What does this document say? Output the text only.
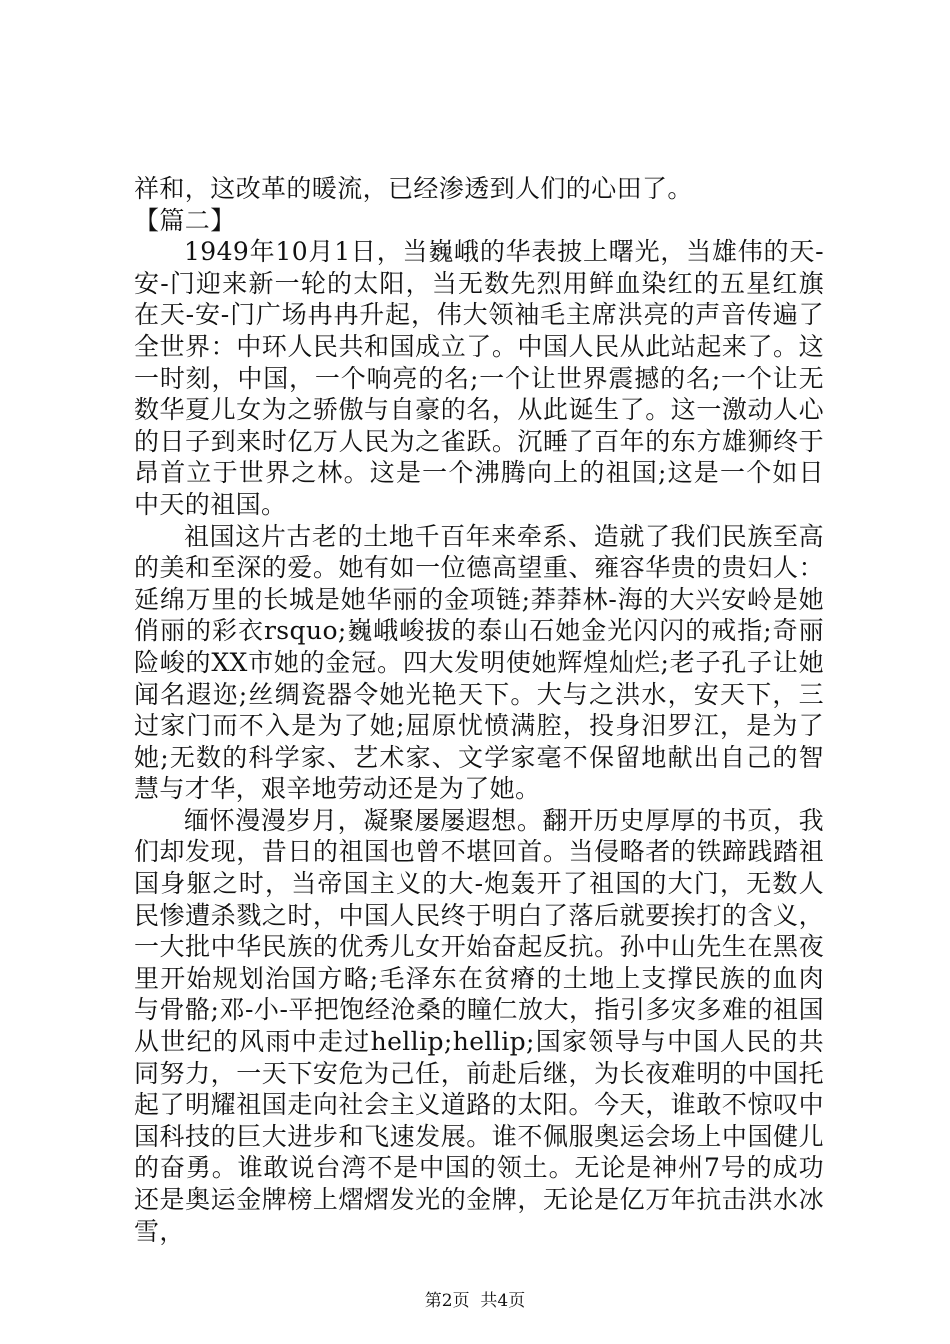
祥和，这改革的暖流，已经渗透到人们的心田了。

【篇二】

1949年10月1日，当巍峨的华表披上曙光，当雄伟的天-安-门迎来新一轮的太阳，当无数先烈用鲜血染红的五星红旗在天-安-门广场冉冉升起，伟大领袖毛主席洪亮的声音传遍了全世界：中环人民共和国成立了。中国人民从此站起来了。这一时刻，中国，一个响亮的名;一个让世界震撼的名;一个让无数华夏儿女为之骄傲与自豪的名，从此诞生了。这一激动人心的日子到来时亿万人民为之雀跃。沉睡了百年的东方雄狮终于昂首立于世界之林。这是一个沸腾向上的祖国;这是一个如日中天的祖国。

祖国这片古老的土地千百年来牵系、造就了我们民族至高的美和至深的爱。她有如一位德高望重、雍容华贵的贵妇人：延绵万里的长城是她华丽的金项链;莽莽林-海的大兴安岭是她俏丽的彩衣rsquo;巍峨峻拔的泰山石她金光闪闪的戒指;奇丽险峻的XX市她的金冠。四大发明使她辉煌灿烂;老子孔子让她闻名遐迩;丝绸瓷器令她光艳天下。大与之洪水，安天下，三过家门而不入是为了她;屈原忧愤满腔，投身汨罗江，是为了她;无数的科学家、艺术家、文学家毫不保留地献出自己的智慧与才华，艰辛地劳动还是为了她。

缅怀漫漫岁月，凝聚屡屡遐想。翻开历史厚厚的书页，我们却发现，昔日的祖国也曾不堪回首。当侵略者的铁蹄践踏祖国身躯之时，当帝国主义的大-炮轰开了祖国的大门，无数人民惨遭杀戮之时，中国人民终于明白了落后就要挨打的含义，一大批中华民族的优秀儿女开始奋起反抗。孙中山先生在黑夜里开始规划治国方略;毛泽东在贫瘠的土地上支撑民族的血肉与骨骼;邓-小-平把饱经沧桑的瞳仁放大，指引多灾多难的祖国从世纪的风雨中走过hellip;hellip;国家领导与中国人民的共同努力，一天下安危为己任，前赴后继，为长夜难明的中国托起了明耀祖国走向社会主义道路的太阳。今天，谁敢不惊叹中国科技的巨大进步和飞速发展。谁不佩服奥运会场上中国健儿的奋勇。谁敢说台湾不是中国的领土。无论是神州7号的成功还是奥运金牌榜上熠熠发光的金牌，无论是亿万年抗击洪水冰雪，

第2页  共4页
